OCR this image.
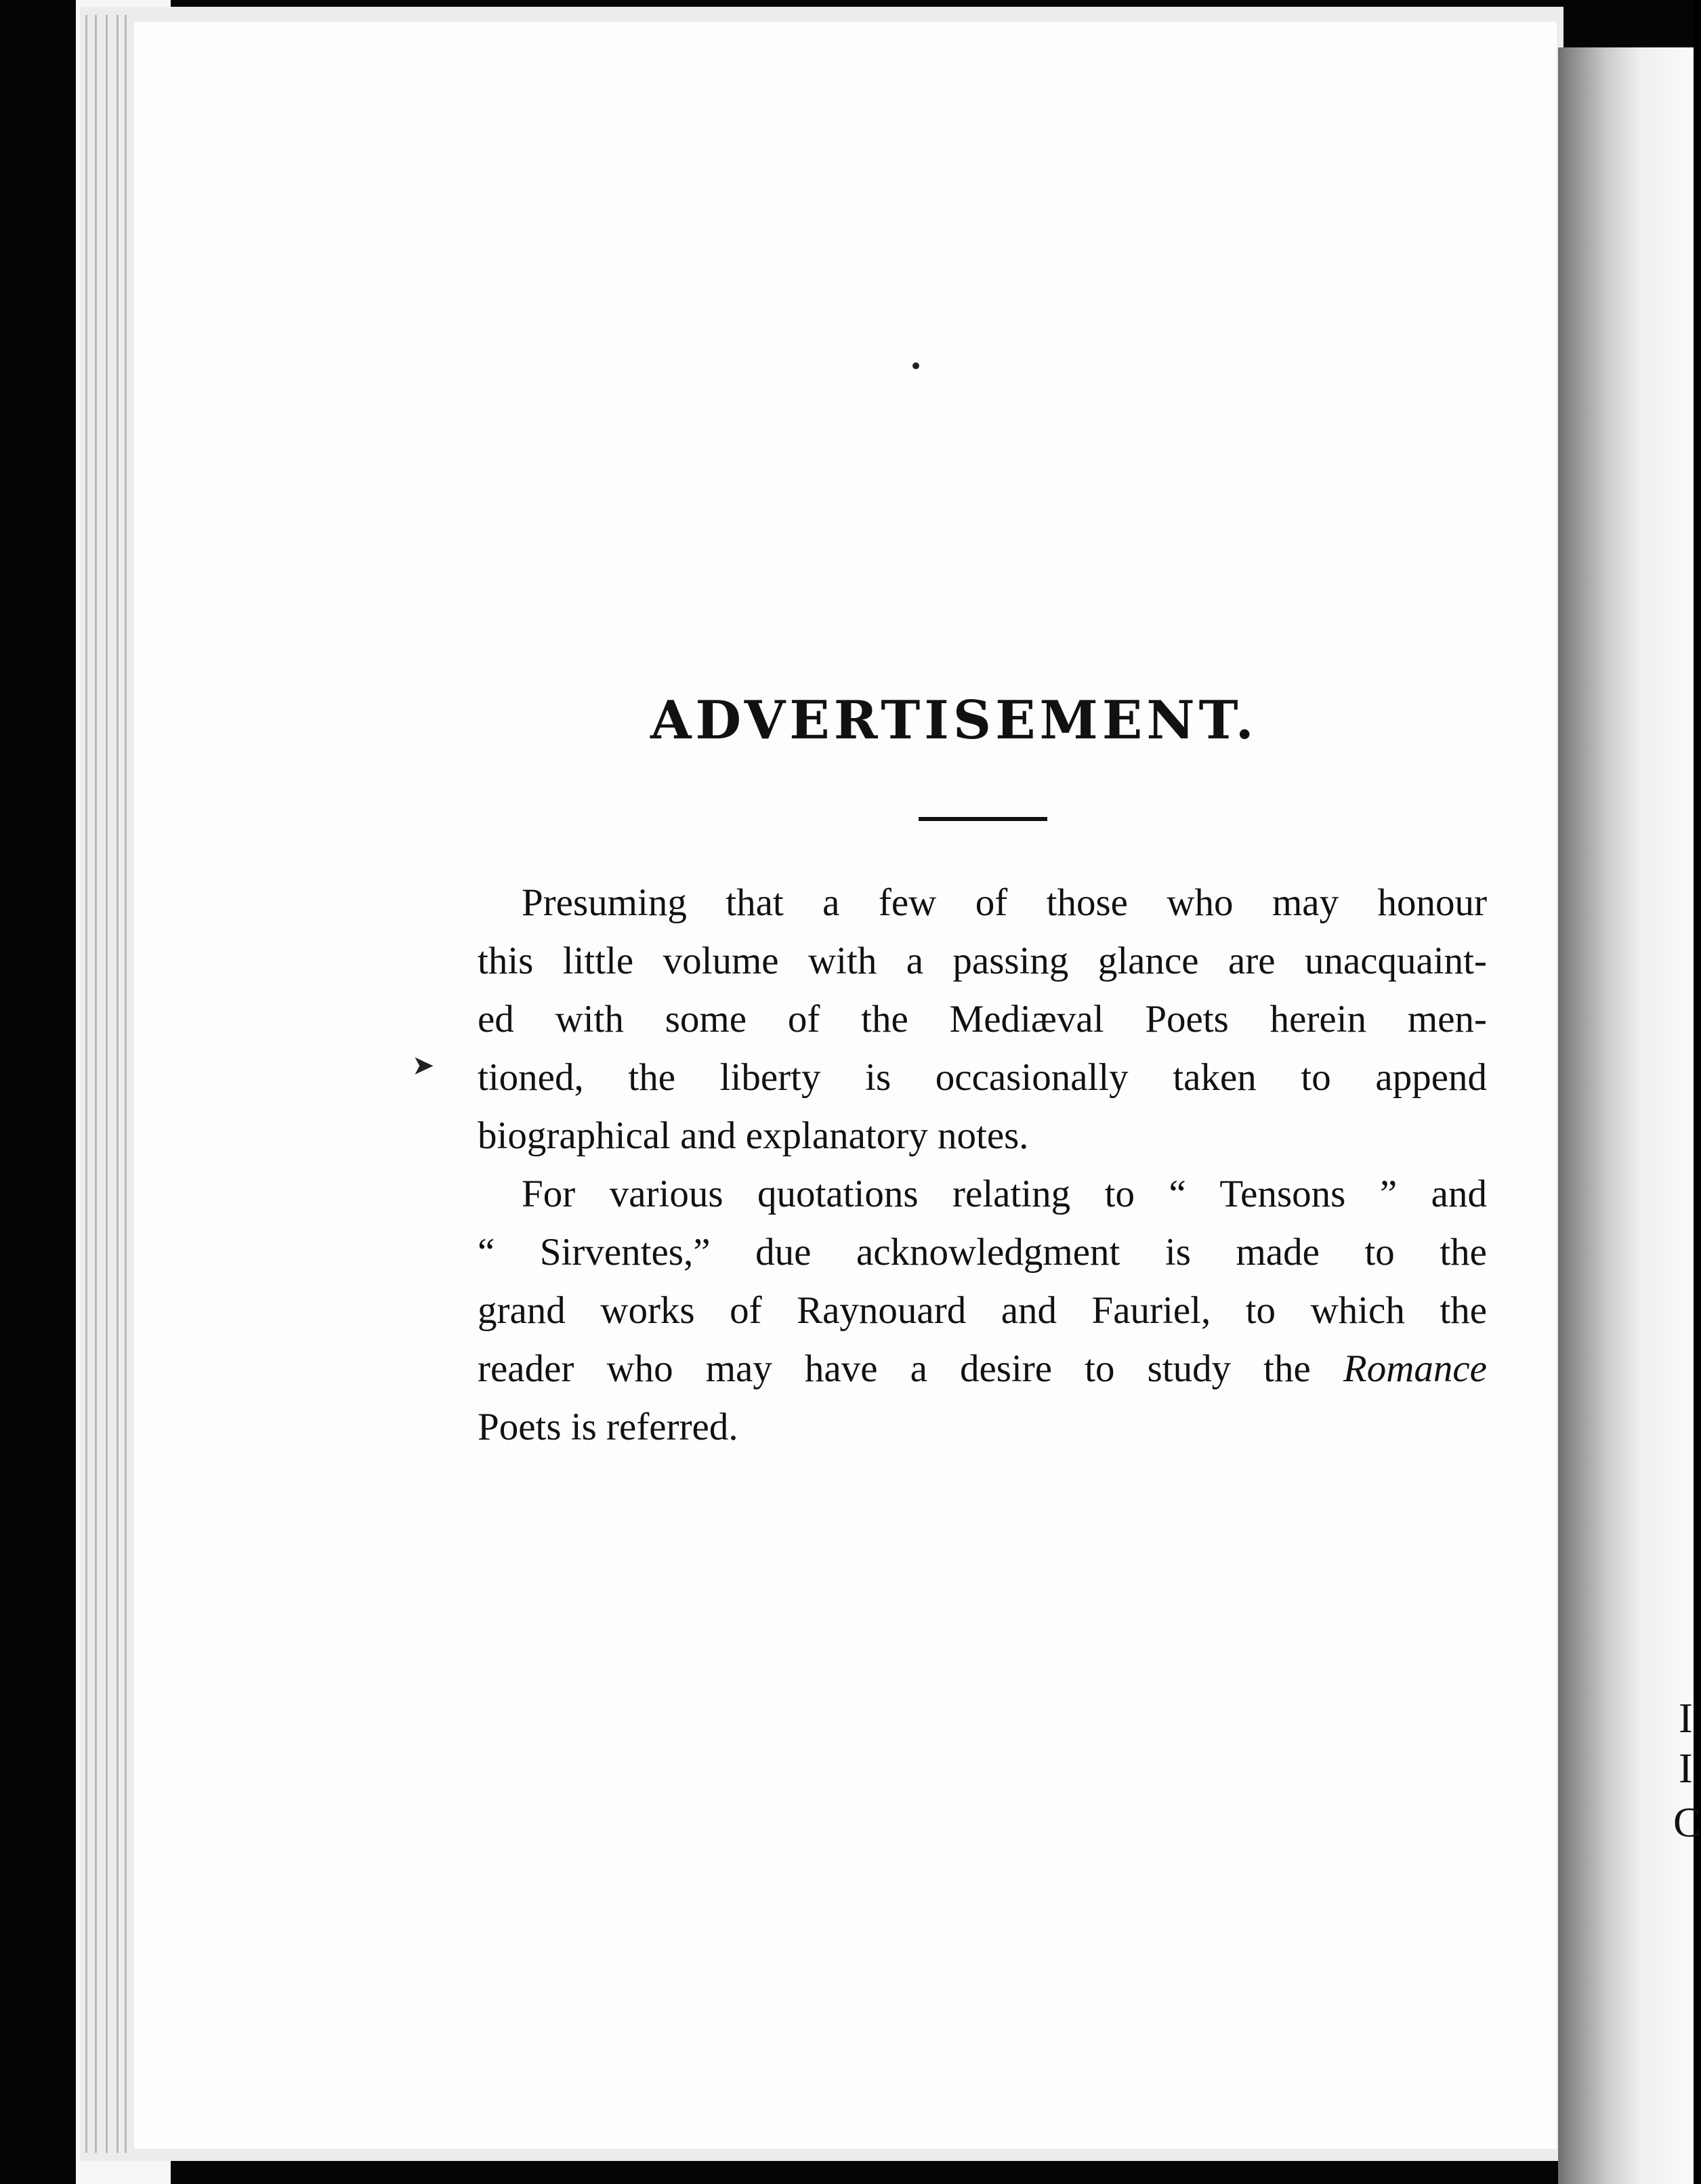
I
I
C
➤
ADVERTISEMENT.
Presuming that a few of those who may honour
this little volume with a passing glance are unacquaint-
ed with some of the Mediæval Poets herein men-
tioned, the liberty is occasionally taken to append
biographical and explanatory notes.
For various quotations relating to “ Tensons ” and
“ Sirventes,” due acknowledgment is made to the
grand works of Raynouard and Fauriel, to which the
reader who may have a desire to study the Romance
Poets is referred.
